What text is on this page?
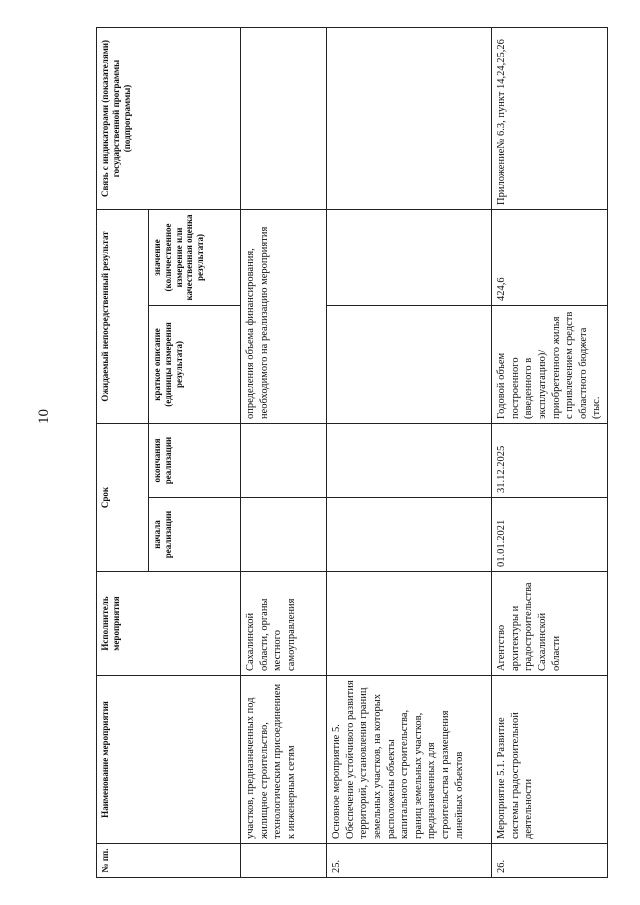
10
№ пп.	Наименование мероприятия	Исполнитель мероприятия	Срок		Ожидаемый непосредственный результат		Связь с индикаторами (показателями) государственной программы (подпрограммы)
			начала реализации	окончания реализации	краткое описание (единицы измерения результата)	значение (количественное измерение или качественная оценка результата)	
	участков, предназначенных под жилищное строительство, технологическим присоединением к инженерным сетям	Сахалинской области, органы местного самоуправления			определения объема финансирования, необходимого на реализацию мероприятия		
25.	Основное мероприятие 5. Обеспечение устойчивого развития территорий, установления границ земельных участков, на которых расположены объекты капитального строительства, границ земельных участков, предназначенных для строительства и размещения линейных объектов						
26.	Мероприятие 5.1. Развитие системы градостроительной деятельности	Агентство архитектуры и градостроительства Сахалинской области	01.01.2021	31.12.2025	Годовой объем построенного (введенного в эксплуатацию)/приобретенного жилья с привлечением средств областного бюджета (тыс.	424,6	Приложение№ 6.3, пункт 14,24,25,26
